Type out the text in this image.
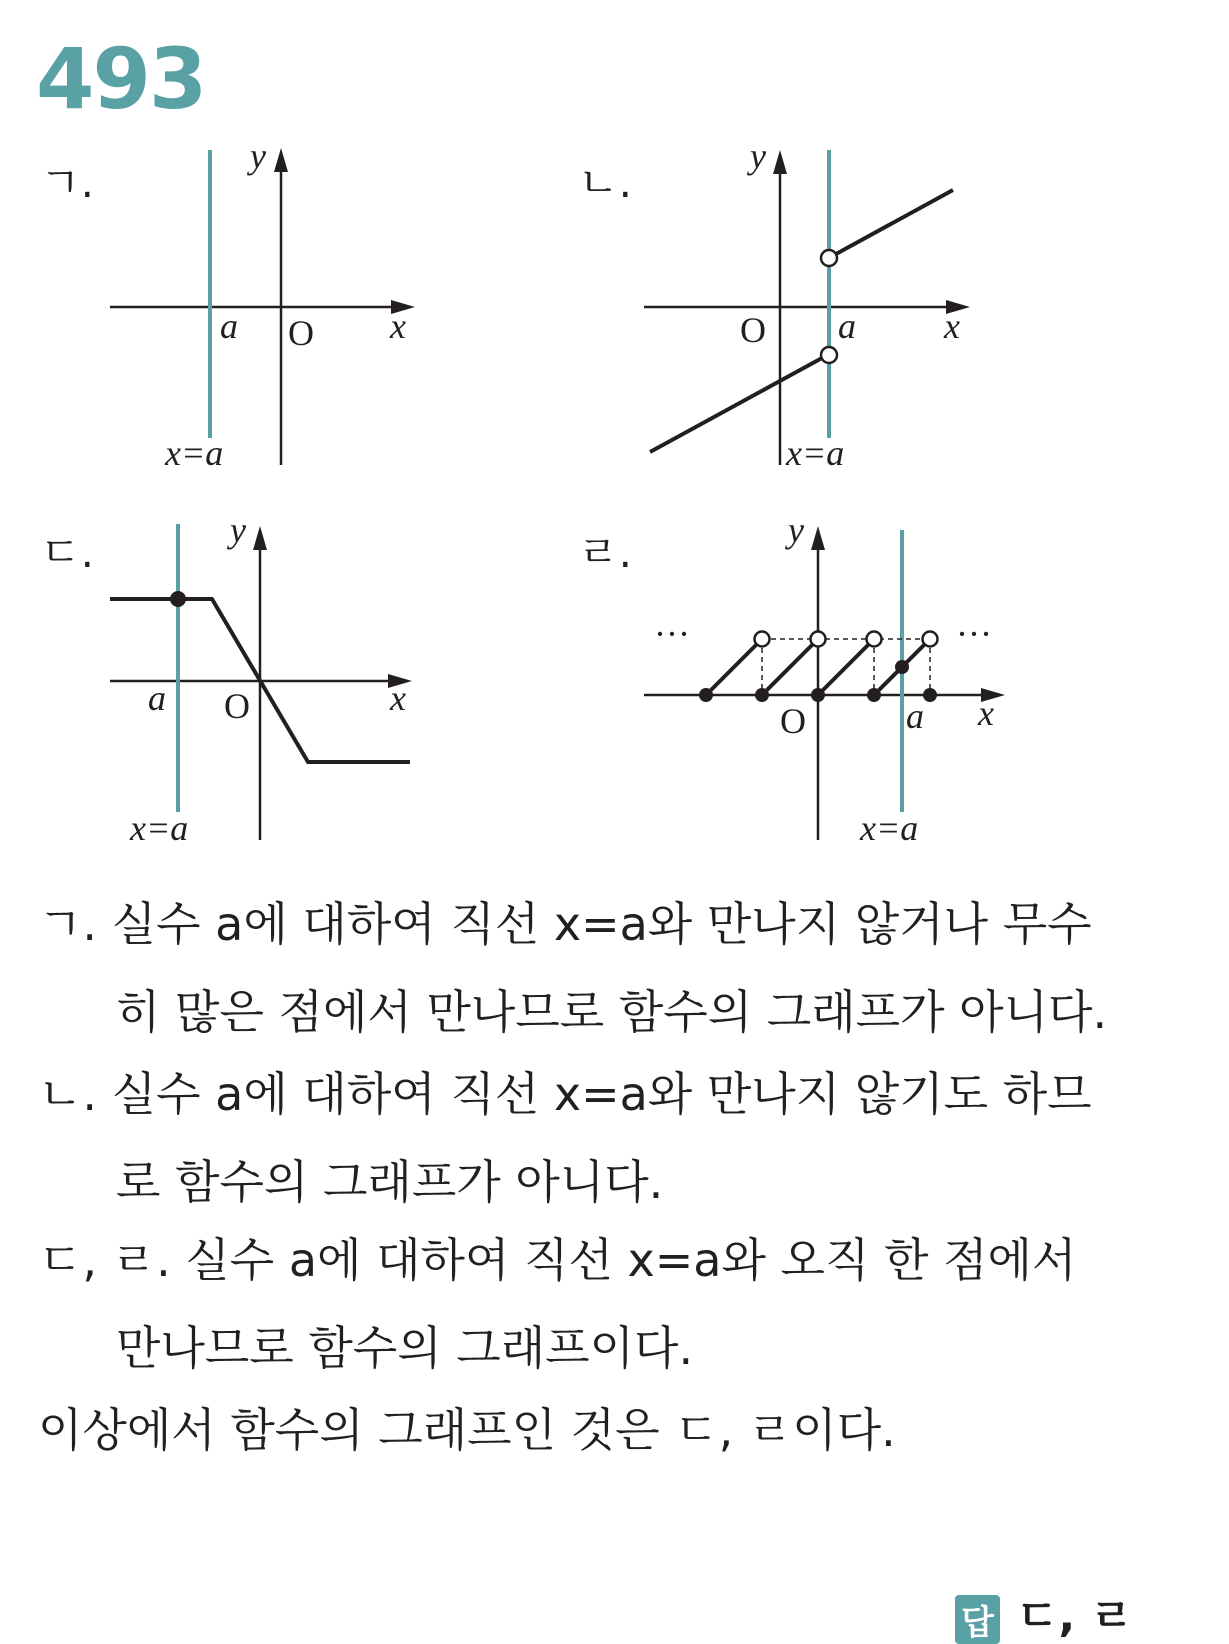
493
ㄱ.	ㄴ.
ㄷ.	ㄹ.
a O x
y
x=a
O a x
y
x=a
a O	x
y
x=a
···	···
O	a x
y
x=a
ㄱ. 실수 a에 대하여 직선 x=a와 만나지 않거나 무수
히 많은 점에서 만나므로 함수의 그래프가 아니다.
ㄴ. 실수 a에 대하여 직선 x=a와 만나지 않기도 하므
로 함수의 그래프가 아니다.
ㄷ, ㄹ. 실수 a에 대하여 직선 x=a와 오직 한 점에서
만나므로 함수의 그래프이다.
이상에서 함수의 그래프인 것은 ㄷ, ㄹ이다.
답 ㄷ, ㄹ
